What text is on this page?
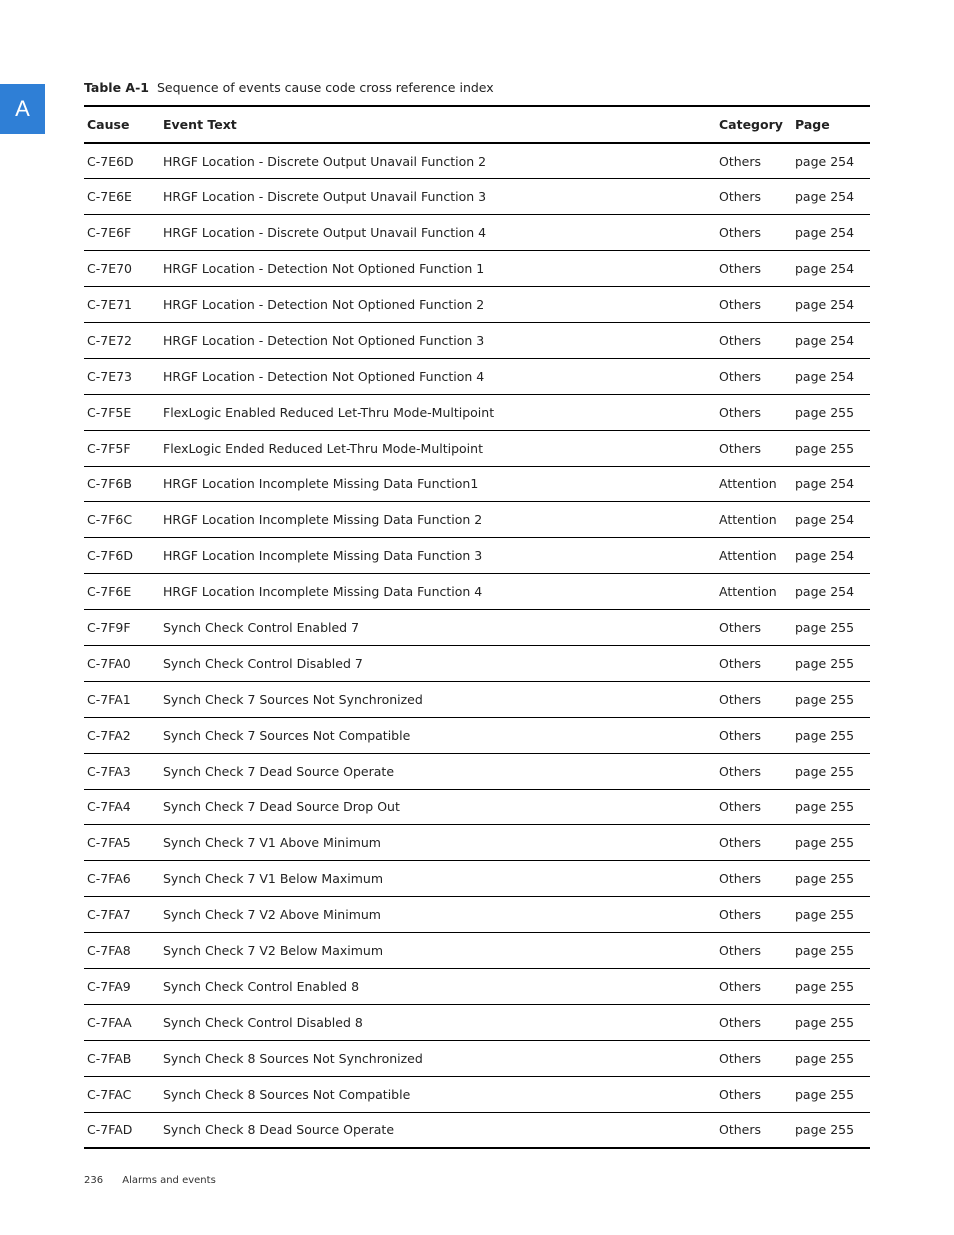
A
Table A-1 Sequence of events cause code cross reference index
Cause	Event Text	Category	Page
C-7E6D	HRGF Location - Discrete Output Unavail Function 2	Others	page 254
C-7E6E	HRGF Location - Discrete Output Unavail Function 3	Others	page 254
C-7E6F	HRGF Location - Discrete Output Unavail Function 4	Others	page 254
C-7E70	HRGF Location - Detection Not Optioned Function 1	Others	page 254
C-7E71	HRGF Location - Detection Not Optioned Function 2	Others	page 254
C-7E72	HRGF Location - Detection Not Optioned Function 3	Others	page 254
C-7E73	HRGF Location - Detection Not Optioned Function 4	Others	page 254
C-7F5E	FlexLogic Enabled Reduced Let-Thru Mode-Multipoint	Others	page 255
C-7F5F	FlexLogic Ended Reduced Let-Thru Mode-Multipoint	Others	page 255
C-7F6B	HRGF Location Incomplete Missing Data Function1	Attention	page 254
C-7F6C	HRGF Location Incomplete Missing Data Function 2	Attention	page 254
C-7F6D	HRGF Location Incomplete Missing Data Function 3	Attention	page 254
C-7F6E	HRGF Location Incomplete Missing Data Function 4	Attention	page 254
C-7F9F	Synch Check Control Enabled 7	Others	page 255
C-7FA0	Synch Check Control Disabled 7	Others	page 255
C-7FA1	Synch Check 7 Sources Not Synchronized	Others	page 255
C-7FA2	Synch Check 7 Sources Not Compatible	Others	page 255
C-7FA3	Synch Check 7 Dead Source Operate	Others	page 255
C-7FA4	Synch Check 7 Dead Source Drop Out	Others	page 255
C-7FA5	Synch Check 7 V1 Above Minimum	Others	page 255
C-7FA6	Synch Check 7 V1 Below Maximum	Others	page 255
C-7FA7	Synch Check 7 V2 Above Minimum	Others	page 255
C-7FA8	Synch Check 7 V2 Below Maximum	Others	page 255
C-7FA9	Synch Check Control Enabled 8	Others	page 255
C-7FAA	Synch Check Control Disabled 8	Others	page 255
C-7FAB	Synch Check 8 Sources Not Synchronized	Others	page 255
C-7FAC	Synch Check 8 Sources Not Compatible	Others	page 255
C-7FAD	Synch Check 8 Dead Source Operate	Others	page 255
236 Alarms and events
